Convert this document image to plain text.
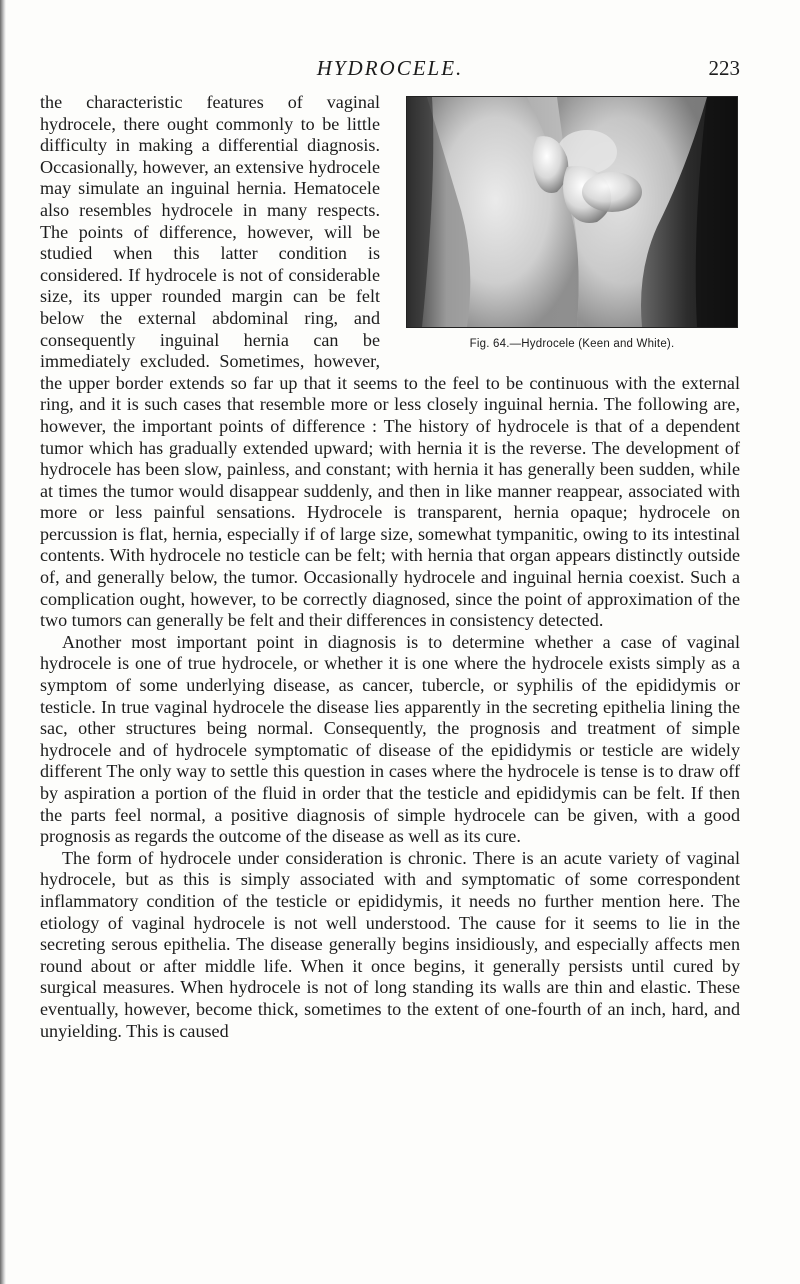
HYDROCELE.	223
Fig. 64.—Hydrocele (Keen and White).

the characteristic features of vaginal hydrocele, there ought commonly to be little difficulty in making a differential diagnosis. Occasionally, however, an extensive hydrocele may simulate an inguinal hernia. Hematocele also resembles hydrocele in many respects. The points of difference, however, will be studied when this latter condition is considered. If hydrocele is not of considerable size, its upper rounded margin can be felt below the external abdominal ring, and consequently inguinal hernia can be immediately excluded. Sometimes, however, the upper border extends so far up that it seems to the feel to be continuous with the external ring, and it is such cases that resemble more or less closely inguinal hernia. The following are, however, the important points of difference : The history of hydrocele is that of a dependent tumor which has gradually extended upward; with hernia it is the reverse. The development of hydrocele has been slow, painless, and constant; with hernia it has generally been sudden, while at times the tumor would disappear suddenly, and then in like manner reappear, associated with more or less painful sensations. Hydrocele is transparent, hernia opaque; hydrocele on percussion is flat, hernia, especially if of large size, somewhat tympanitic, owing to its intestinal contents. With hydrocele no testicle can be felt; with hernia that organ appears distinctly outside of, and generally below, the tumor. Occasionally hydrocele and inguinal hernia coexist. Such a complication ought, however, to be correctly diagnosed, since the point of approximation of the two tumors can generally be felt and their differences in consistency detected.

Another most important point in diagnosis is to determine whether a case of vaginal hydrocele is one of true hydrocele, or whether it is one where the hydrocele exists simply as a symptom of some underlying disease, as cancer, tubercle, or syphilis of the epididymis or testicle. In true vaginal hydrocele the disease lies apparently in the secreting epithelia lining the sac, other structures being normal. Consequently, the prognosis and treatment of simple hydrocele and of hydrocele symptomatic of disease of the epididymis or testicle are widely different The only way to settle this question in cases where the hydrocele is tense is to draw off by aspiration a portion of the fluid in order that the testicle and epididymis can be felt. If then the parts feel normal, a positive diagnosis of simple hydrocele can be given, with a good prognosis as regards the outcome of the disease as well as its cure.

The form of hydrocele under consideration is chronic. There is an acute variety of vaginal hydrocele, but as this is simply associated with and symptomatic of some correspondent inflammatory condition of the testicle or epididymis, it needs no further mention here. The etiology of vaginal hydrocele is not well understood. The cause for it seems to lie in the secreting serous epithelia. The disease generally begins insidiously, and especially affects men round about or after middle life. When it once begins, it generally persists until cured by surgical measures. When hydrocele is not of long standing its walls are thin and elastic. These eventually, however, become thick, sometimes to the extent of one-fourth of an inch, hard, and unyielding. This is caused
